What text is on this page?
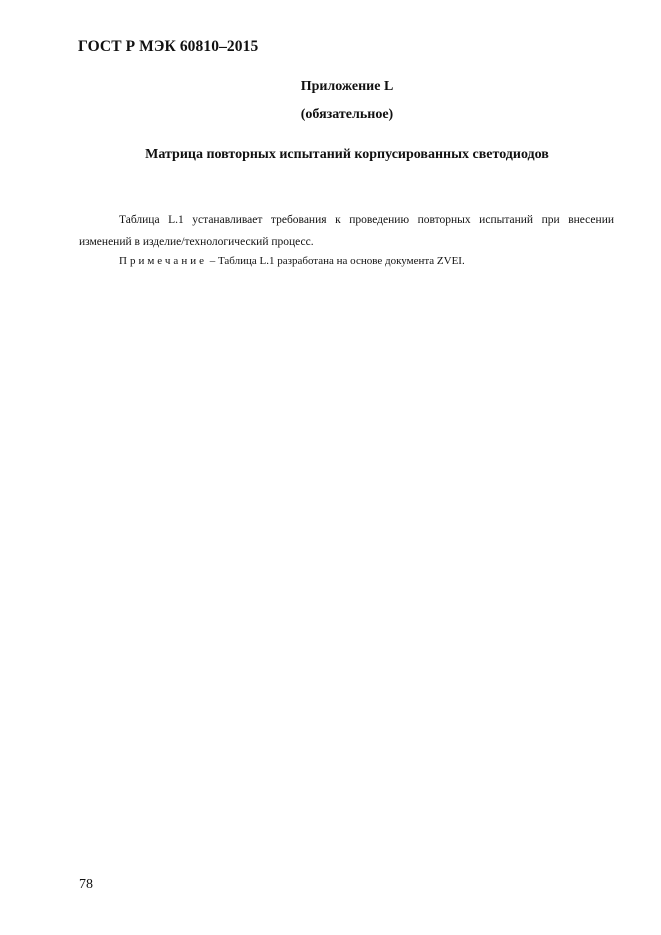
ГОСТ Р МЭК 60810–2015
Приложение L
(обязательное)
Матрица повторных испытаний корпусированных светодиодов

Таблица L.1 устанавливает требования к проведению повторных испытаний при внесении изменений в изделие/технологический процесс.

Примечание – Таблица L.1 разработана на основе документа ZVEI.
78
